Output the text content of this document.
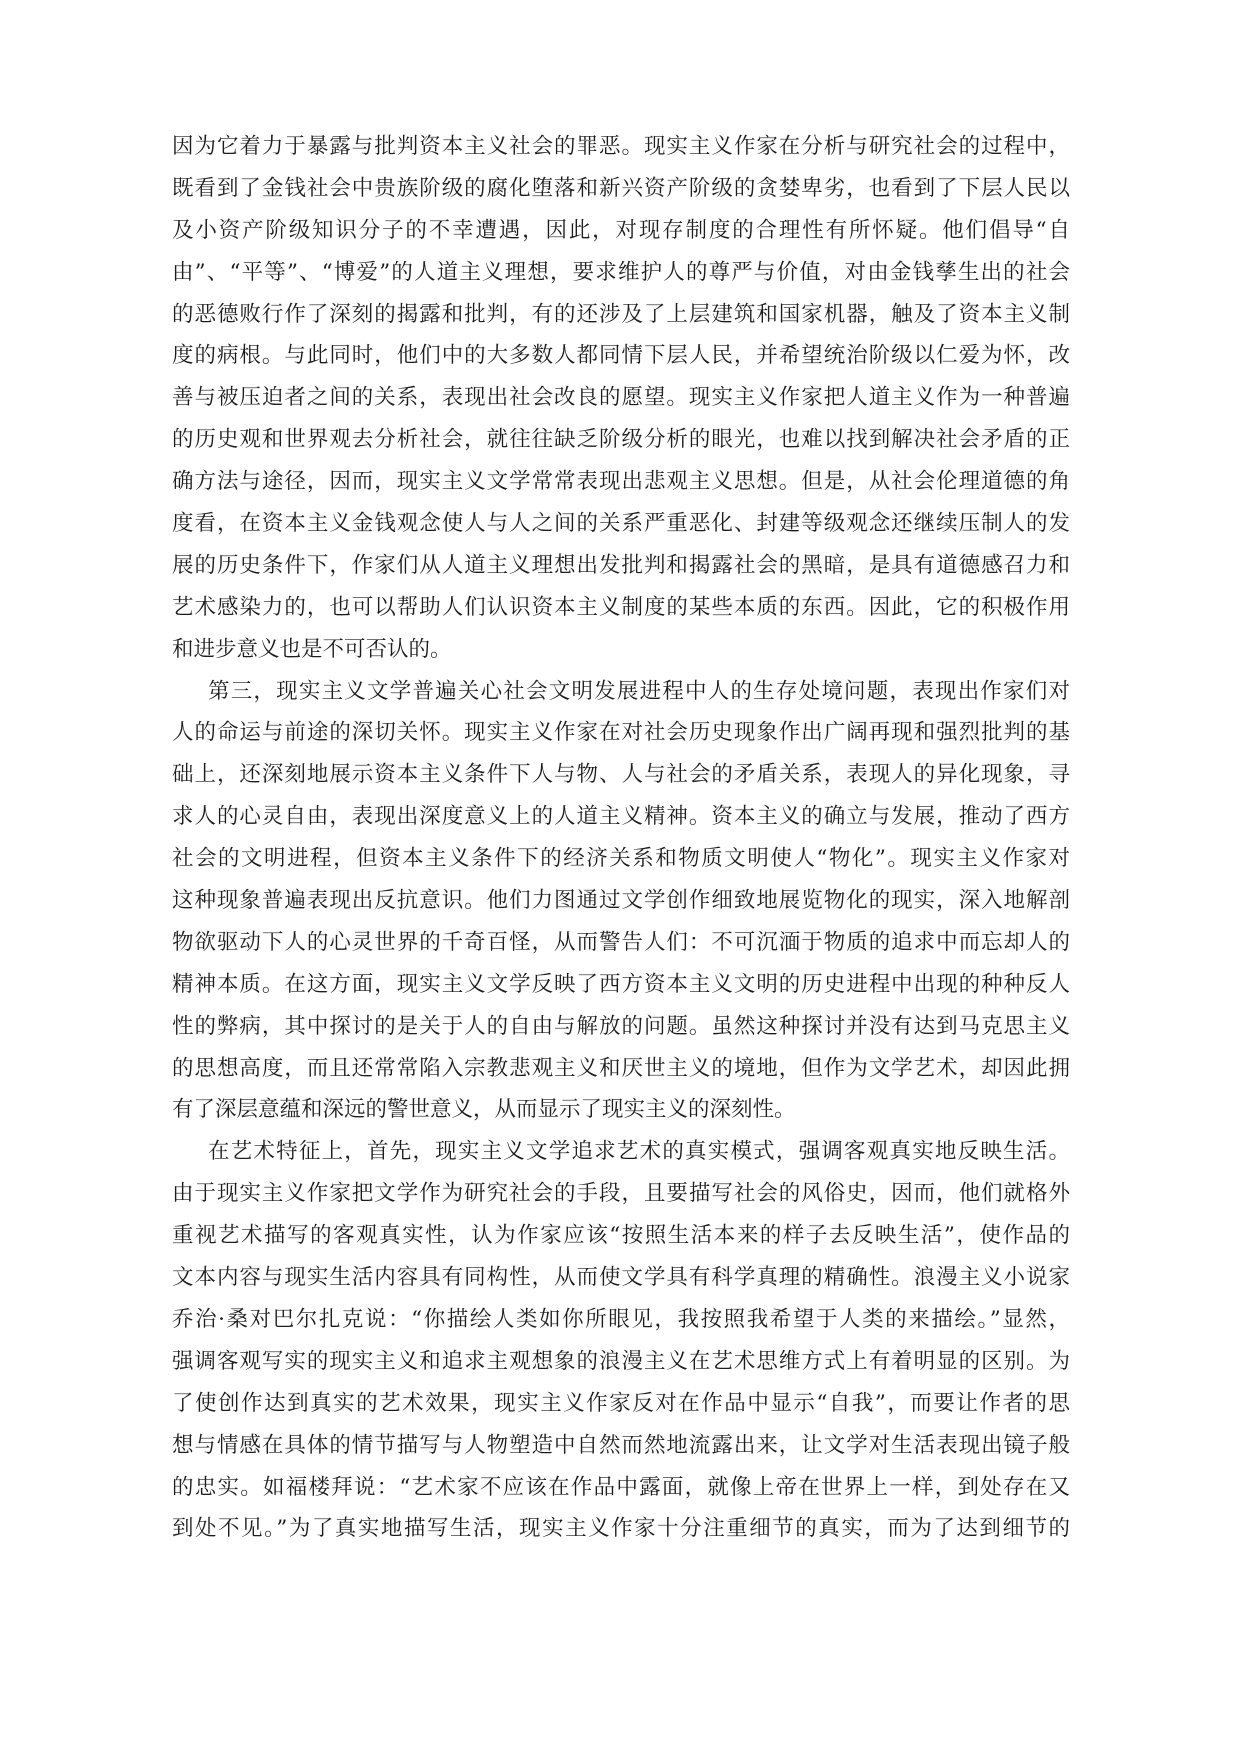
因为它着力于暴露与批判资本主义社会的罪恶。现实主义作家在分析与研究社会的过程中，
既看到了金钱社会中贵族阶级的腐化堕落和新兴资产阶级的贪婪卑劣，也看到了下层人民以
及小资产阶级知识分子的不幸遭遇，因此，对现存制度的合理性有所怀疑。他们倡导“自
由”、“平等”、“博爱”的人道主义理想，要求维护人的尊严与价值，对由金钱孳生出的社会
的恶德败行作了深刻的揭露和批判，有的还涉及了上层建筑和国家机器，触及了资本主义制
度的病根。与此同时，他们中的大多数人都同情下层人民，并希望统治阶级以仁爱为怀，改
善与被压迫者之间的关系，表现出社会改良的愿望。现实主义作家把人道主义作为一种普遍
的历史观和世界观去分析社会，就往往缺乏阶级分析的眼光，也难以找到解决社会矛盾的正
确方法与途径，因而，现实主义文学常常表现出悲观主义思想。但是，从社会伦理道德的角
度看，在资本主义金钱观念使人与人之间的关系严重恶化、封建等级观念还继续压制人的发
展的历史条件下，作家们从人道主义理想出发批判和揭露社会的黑暗，是具有道德感召力和
艺术感染力的，也可以帮助人们认识资本主义制度的某些本质的东西。因此，它的积极作用
和进步意义也是不可否认的。
第三，现实主义文学普遍关心社会文明发展进程中人的生存处境问题，表现出作家们对
人的命运与前途的深切关怀。现实主义作家在对社会历史现象作出广阔再现和强烈批判的基
础上，还深刻地展示资本主义条件下人与物、人与社会的矛盾关系，表现人的异化现象，寻
求人的心灵自由，表现出深度意义上的人道主义精神。资本主义的确立与发展，推动了西方
社会的文明进程，但资本主义条件下的经济关系和物质文明使人“物化”。现实主义作家对
这种现象普遍表现出反抗意识。他们力图通过文学创作细致地展览物化的现实，深入地解剖
物欲驱动下人的心灵世界的千奇百怪，从而警告人们：不可沉湎于物质的追求中而忘却人的
精神本质。在这方面，现实主义文学反映了西方资本主义文明的历史进程中出现的种种反人
性的弊病，其中探讨的是关于人的自由与解放的问题。虽然这种探讨并没有达到马克思主义
的思想高度，而且还常常陷入宗教悲观主义和厌世主义的境地，但作为文学艺术，却因此拥
有了深层意蕴和深远的警世意义，从而显示了现实主义的深刻性。
在艺术特征上，首先，现实主义文学追求艺术的真实模式，强调客观真实地反映生活。
由于现实主义作家把文学作为研究社会的手段，且要描写社会的风俗史，因而，他们就格外
重视艺术描写的客观真实性，认为作家应该“按照生活本来的样子去反映生活”，使作品的
文本内容与现实生活内容具有同构性，从而使文学具有科学真理的精确性。浪漫主义小说家
乔治·桑对巴尔扎克说：“你描绘人类如你所眼见，我按照我希望于人类的来描绘。”显然，
强调客观写实的现实主义和追求主观想象的浪漫主义在艺术思维方式上有着明显的区别。为
了使创作达到真实的艺术效果，现实主义作家反对在作品中显示“自我”，而要让作者的思
想与情感在具体的情节描写与人物塑造中自然而然地流露出来，让文学对生活表现出镜子般
的忠实。如福楼拜说：“艺术家不应该在作品中露面，就像上帝在世界上一样，到处存在又
到处不见。”为了真实地描写生活，现实主义作家十分注重细节的真实，而为了达到细节的
